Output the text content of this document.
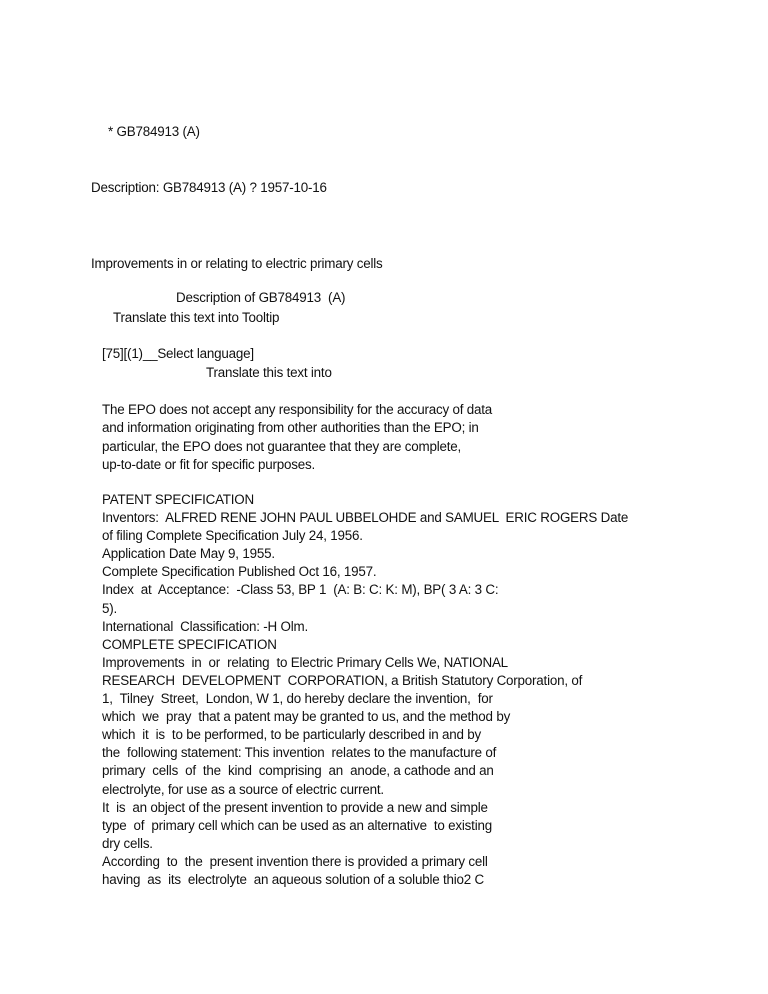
* GB784913 (A)
Description: GB784913 (A) ? 1957-10-16
Improvements in or relating to electric primary cells
Description of GB784913  (A)
Translate this text into Tooltip
[75][(1)__Select language]
Translate this text into
The EPO does not accept any responsibility for the accuracy of data
and information originating from other authorities than the EPO; in
particular, the EPO does not guarantee that they are complete,
up-to-date or fit for specific purposes.
PATENT SPECIFICATION
Inventors:  ALFRED RENE JOHN PAUL UBBELOHDE and SAMUEL  ERIC ROGERS Date
of filing Complete Specification July 24, 1956.
Application Date May 9, 1955.
Complete Specification Published Oct 16, 1957.
Index  at  Acceptance:  -Class 53, BP 1  (A: B: C: K: M), BP( 3 A: 3 C:
5).
International  Classification: -H Olm.
COMPLETE SPECIFICATION
Improvements  in  or  relating  to Electric Primary Cells We, NATIONAL
RESEARCH  DEVELOPMENT  CORPORATION, a British Statutory Corporation, of
1,  Tilney  Street,  London, W 1, do hereby declare the invention,  for
which  we  pray  that a patent may be granted to us, and the method by
which  it  is  to be performed, to be particularly described in and by
the  following statement: This invention  relates to the manufacture of
primary  cells  of  the  kind  comprising  an  anode, a cathode and an
electrolyte, for use as a source of electric current.
It  is  an object of the present invention to provide a new and simple
type  of  primary cell which can be used as an alternative  to existing
dry cells.
According  to  the  present invention there is provided a primary cell
having  as  its  electrolyte  an aqueous solution of a soluble thio2 C
